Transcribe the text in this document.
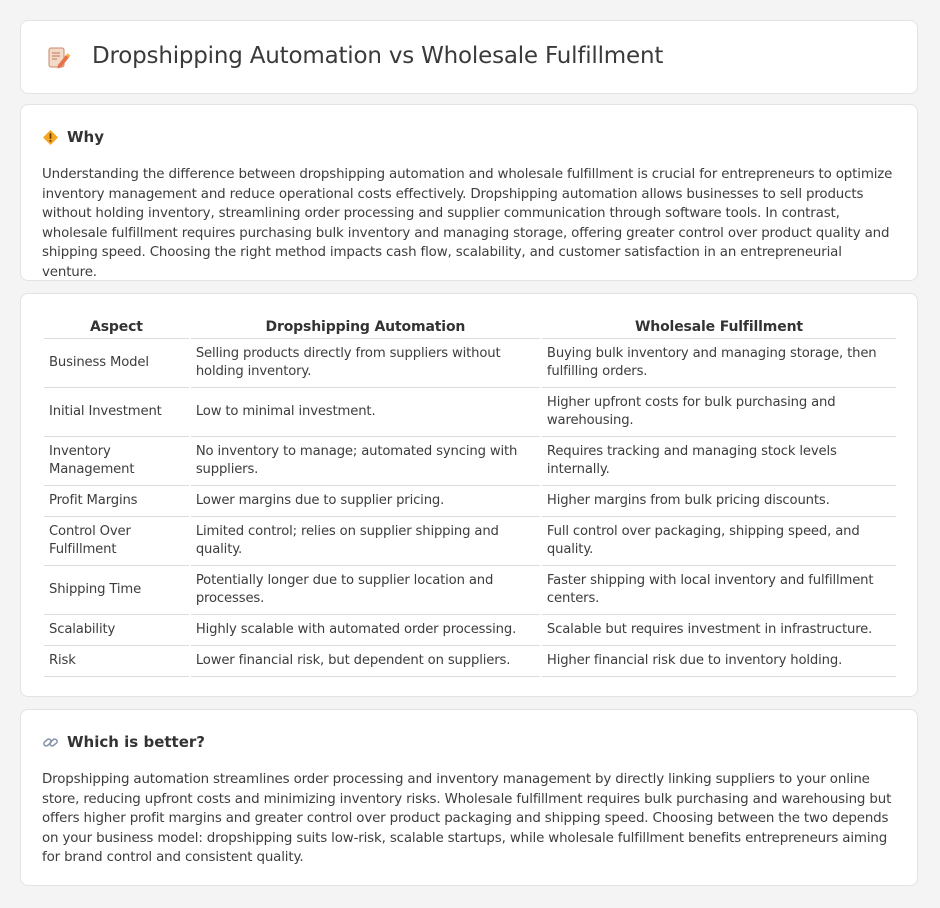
Dropshipping Automation vs Wholesale Fulfillment
Why

Understanding the difference between dropshipping automation and wholesale fulfillment is crucial for entrepreneurs to optimize inventory management and reduce operational costs effectively. Dropshipping automation allows businesses to sell products without holding inventory, streamlining order processing and supplier communication through software tools. In contrast, wholesale fulfillment requires purchasing bulk inventory and managing storage, offering greater control over product quality and shipping speed. Choosing the right method impacts cash flow, scalability, and customer satisfaction in an entrepreneurial venture.

Aspect	Dropshipping Automation	Wholesale Fulfillment
Business Model	Selling products directly from suppliers without holding inventory.	Buying bulk inventory and managing storage, then fulfilling orders.
Initial Investment	Low to minimal investment.	Higher upfront costs for bulk purchasing and warehousing.
Inventory Management	No inventory to manage; automated syncing with suppliers.	Requires tracking and managing stock levels internally.
Profit Margins	Lower margins due to supplier pricing.	Higher margins from bulk pricing discounts.
Control Over Fulfillment	Limited control; relies on supplier shipping and quality.	Full control over packaging, shipping speed, and quality.
Shipping Time	Potentially longer due to supplier location and processes.	Faster shipping with local inventory and fulfillment centers.
Scalability	Highly scalable with automated order processing.	Scalable but requires investment in infrastructure.
Risk	Lower financial risk, but dependent on suppliers.	Higher financial risk due to inventory holding.
Which is better?

Dropshipping automation streamlines order processing and inventory management by directly linking suppliers to your online store, reducing upfront costs and minimizing inventory risks. Wholesale fulfillment requires bulk purchasing and warehousing but offers higher profit margins and greater control over product packaging and shipping speed. Choosing between the two depends on your business model: dropshipping suits low-risk, scalable startups, while wholesale fulfillment benefits entrepreneurs aiming for brand control and consistent quality.
